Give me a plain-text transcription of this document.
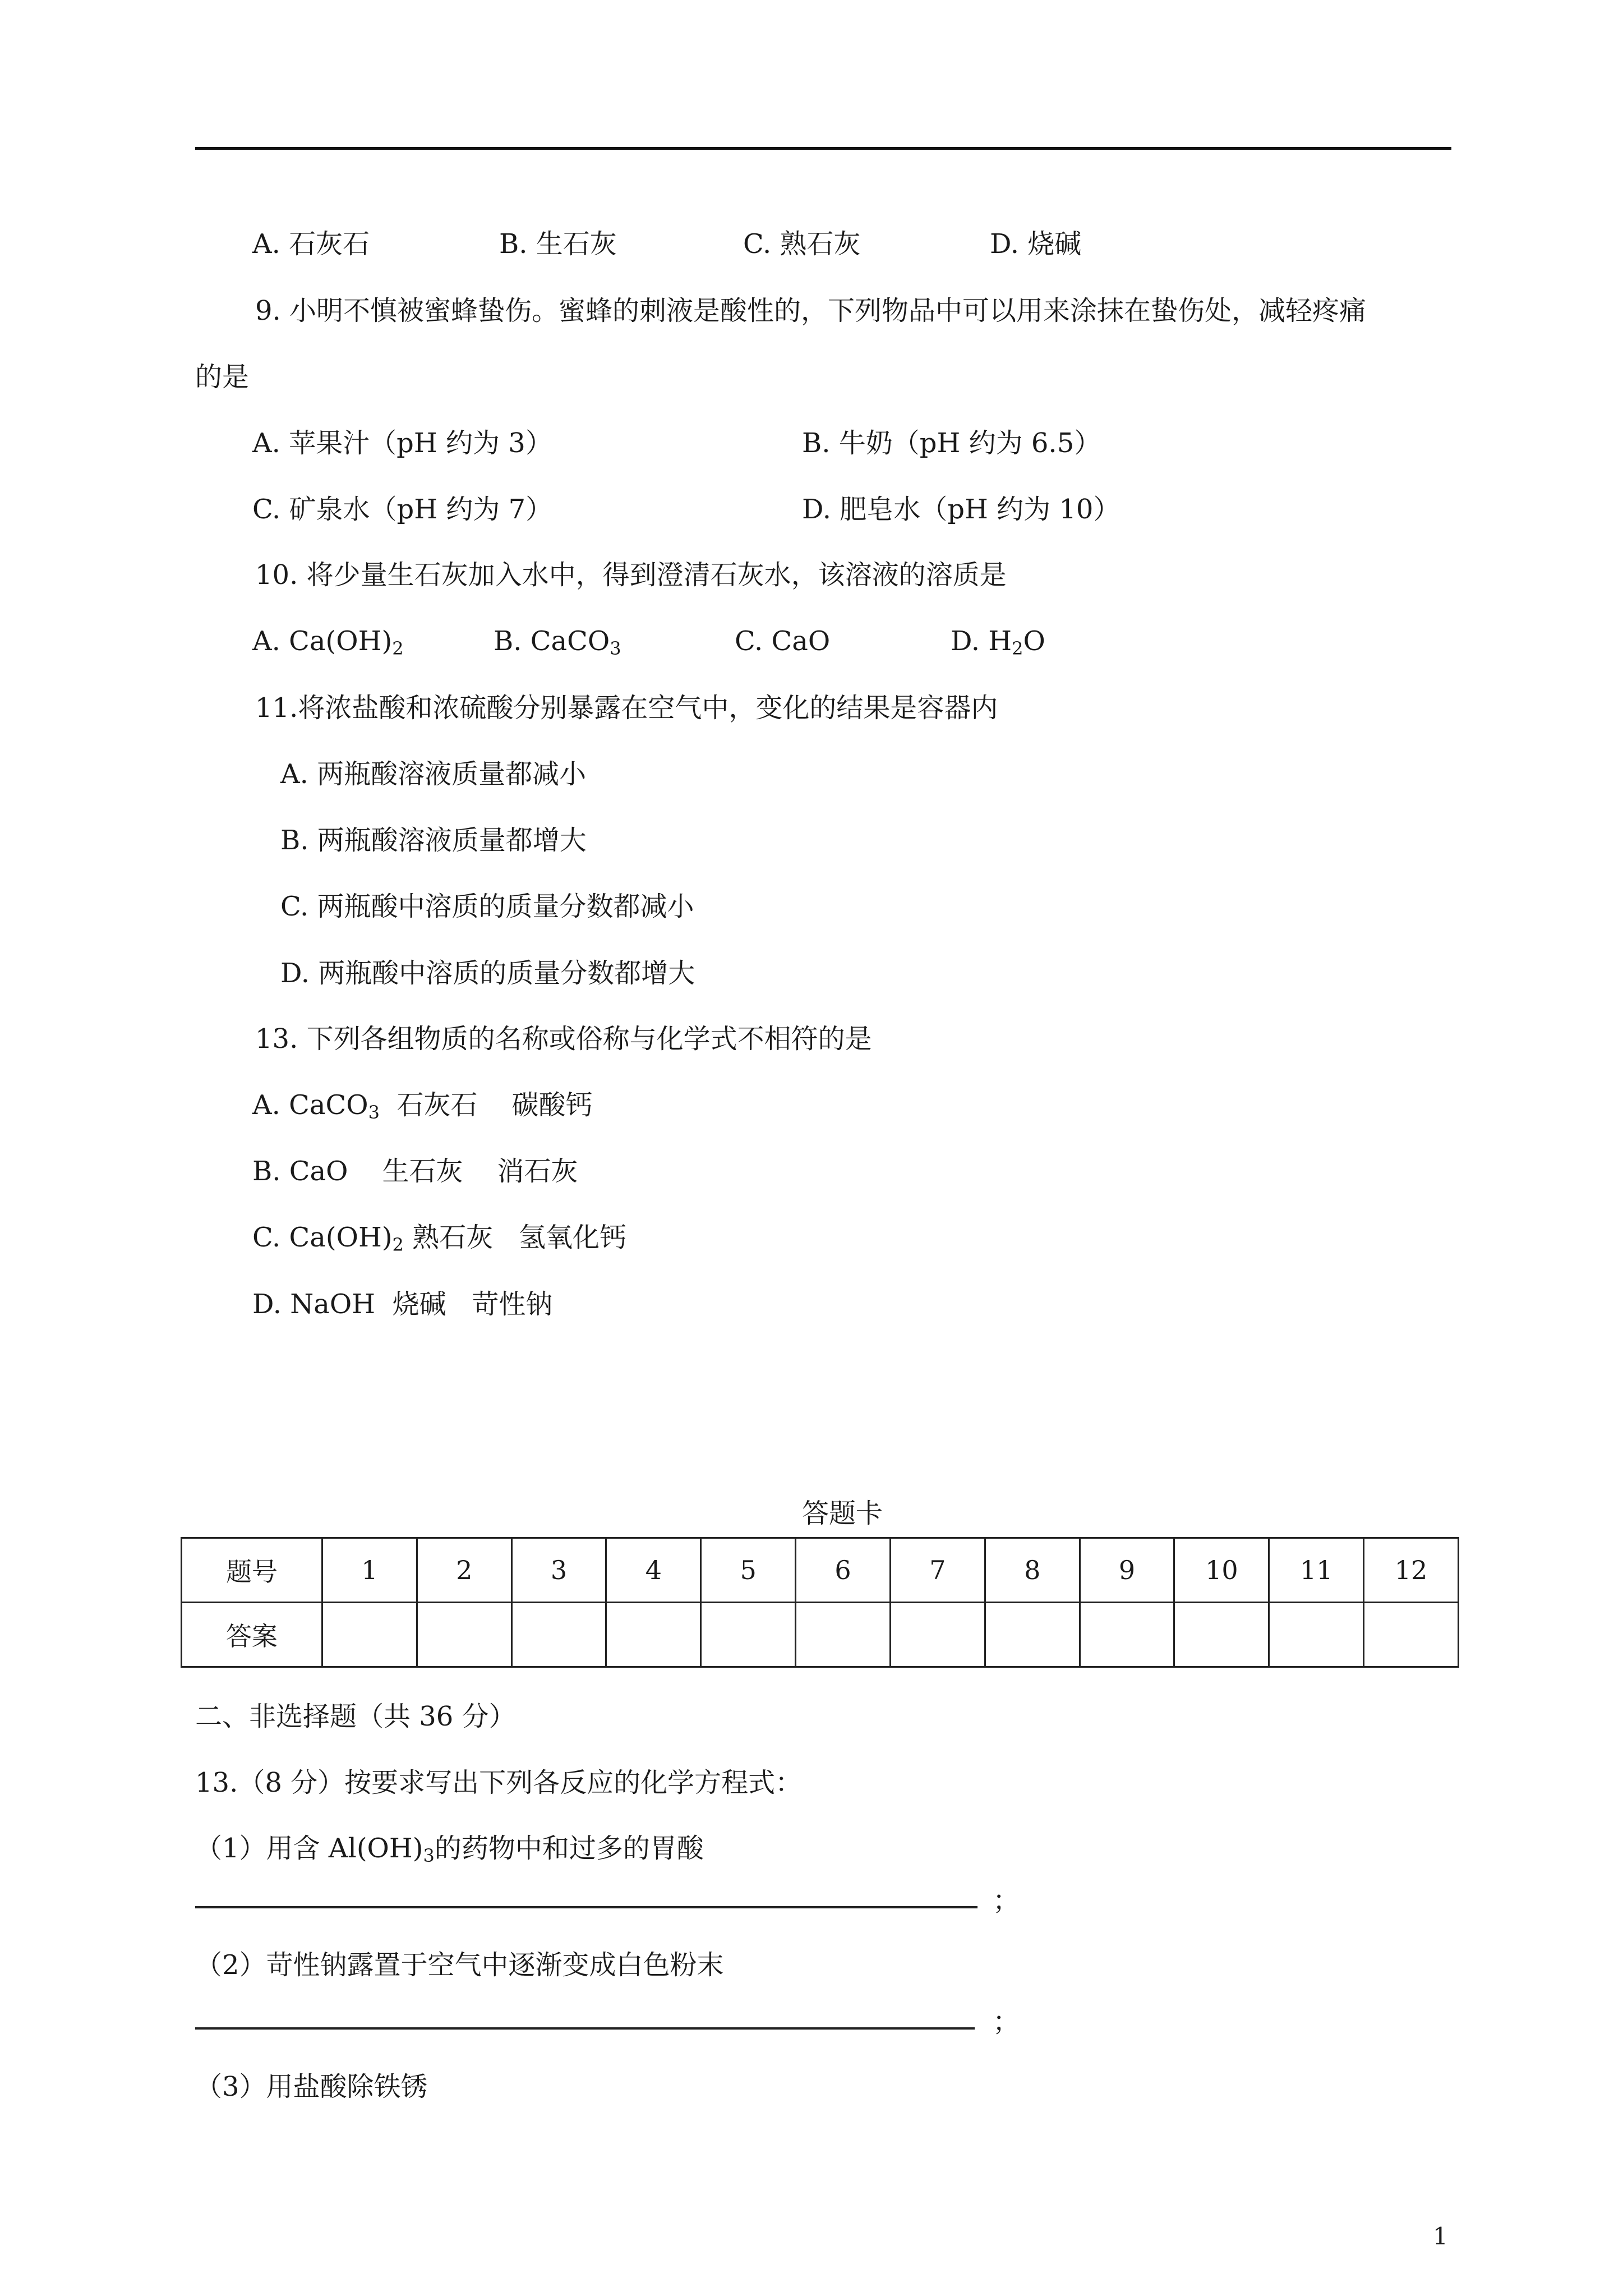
A. 石灰石	B. 生石灰	C. 熟石灰	D. 烧碱
9. 小明不慎被蜜蜂蛰伤。蜜蜂的刺液是酸性的，下列物品中可以用来涂抹在蛰伤处，减轻疼痛
的是
A. 苹果汁（pH 约为 3）	B. 牛奶（pH 约为 6.5）
C. 矿泉水（pH 约为 7）	D. 肥皂水（pH 约为 10）
10. 将少量生石灰加入水中，得到澄清石灰水，该溶液的溶质是
A. $Ca(OH)_2$	B. CaCO$_3$	C. CaO	D. $H_2O$
11.将浓盐酸和浓硫酸分别暴露在空气中，变化的结果是容器内
A. 两瓶酸溶液质量都减小
B. 两瓶酸溶液质量都增大
C. 两瓶酸中溶质的质量分数都减小
D. 两瓶酸中溶质的质量分数都增大
13. 下列各组物质的名称或俗称与化学式不相符的是
A. CaCO$_3$  石灰石    碳酸钙
B. CaO    生石灰    消石灰
C. $Ca(OH)_2$ 熟石灰   氢氧化钙
D. NaOH  烧碱   苛性钠
答题卡
题号	1	2	3	4	5	6	7	8	9	10	11	12
答案												
二、非选择题（共 36 分）
13.（8 分）按要求写出下列各反应的化学方程式：
（1）用含 $Al(OH)_3$的药物中和过多的胃酸
；
（2）苛性钠露置于空气中逐渐变成白色粉末
；
（3）用盐酸除铁锈
1
